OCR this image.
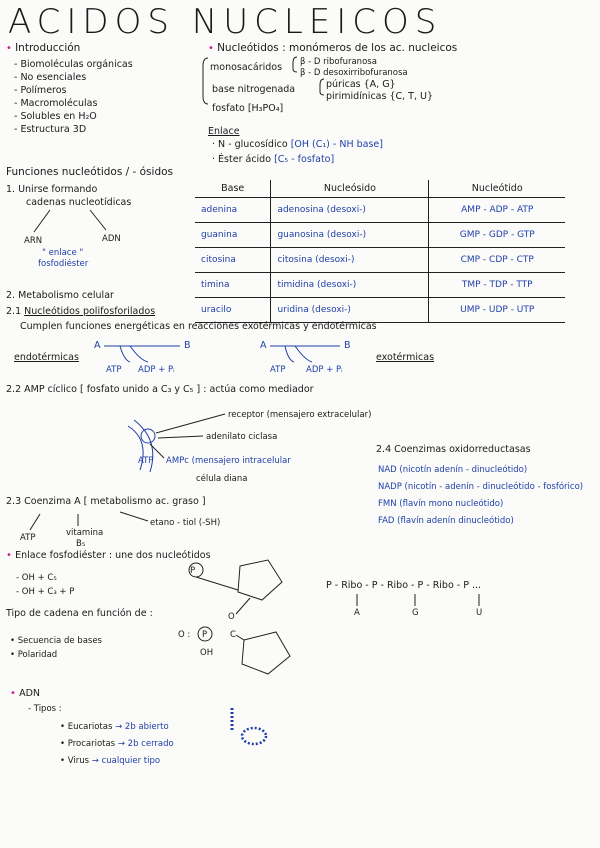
ACIDOS NUCLEICOS
• Introducción
- Biomoléculas orgánicas
- No esenciales
- Polímeros
- Macromoléculas
- Solubles en H₂O
- Estructura 3D
• Nucleótidos : monómeros de los ac. nucleicos
monosacáridos β - D ribofuranosa
β - D desoxirribofuranosa
base nitrogenada	púricas {A, G}
pirimidínicas {C, T, U}
fosfato [H₃PO₄]
Enlace
· N - glucosídico [OH (C₁) - NH base]
· Éster ácido [C₅ - fosfato]
Base	Nucleósido	Nucleótido
adenina	adenosina (desoxi-)	AMP - ADP - ATP
guanina	guanosina (desoxi-)	GMP - GDP - GTP
citosina	citosina (desoxi-)	CMP - CDP - CTP
timina	timidina (desoxi-)	TMP - TDP - TTP
uracilo	uridina (desoxi-)	UMP - UDP - UTP
Funciones nucleótidos / - ósidos
1. Unirse formando
cadenas nucleotídicas
ARN	ADN
" enlace "
fosfodiéster
2. Metabolismo celular
2.1 Nucleótidos polifosforilados
Cumplen funciones energéticas en reacciones exotérmicas y endotérmicas
endotérmicas
A	B
ATP ADP + Pᵢ
A	B
ATP ADP + Pᵢ
exotérmicas
2.2 AMP cíclico [ fosfato unido a C₃ y C₅ ] : actúa como mediador
receptor (mensajero extracelular)
adenilato ciclasa
AMPc (mensajero intracelular
célula diana
ATP
2.4 Coenzimas oxidorreductasas
NAD (nicotín adenín - dinucleótido)
NADP (nicotín - adenín - dinucleótido - fosfórico)
FMN (flavín mono nucleótido)
FAD (flavín adenín dinucleótido)
2.3 Coenzima A [ metabolismo ac. graso ]
ATP	vitamina
B₅
etano - tiol (-SH)
• Enlace fosfodiéster : une dos nucleótidos
- OH + C₅
- OH + C₃ + P
P - Ribo - P - Ribo - P - Ribo - P ...
A	G	U
Tipo de cadena en función de :
• Secuencia de bases
• Polaridad
P
O
O : P	C
OH
• ADN
- Tipos :
• Eucariotas → 2b abierto
• Procariotas → 2b cerrado
• Virus → cualquier tipo
